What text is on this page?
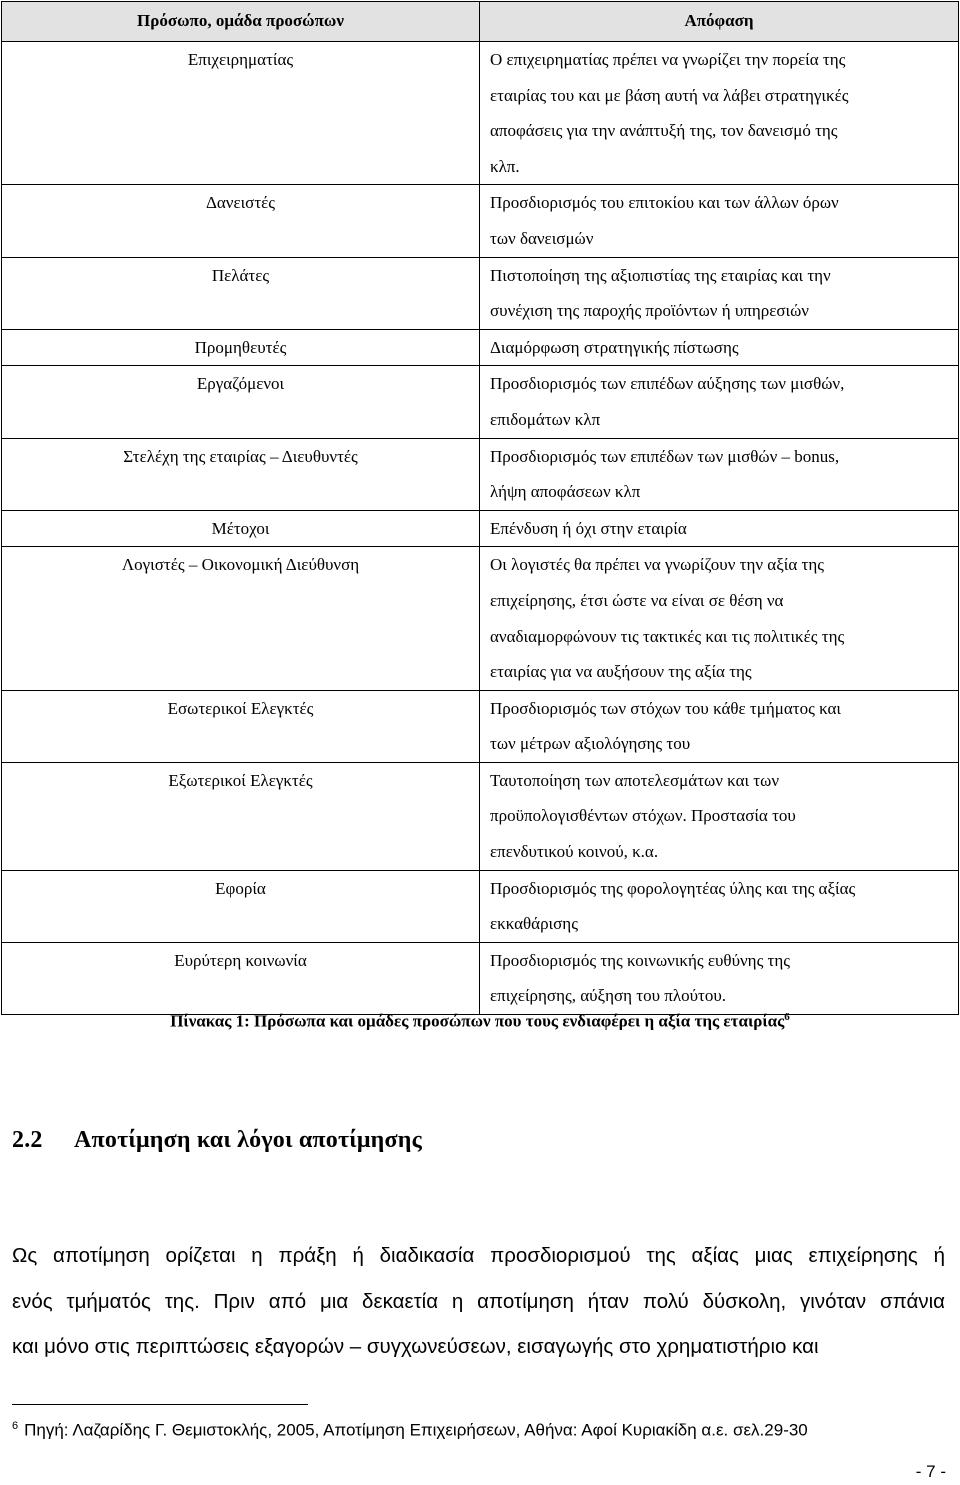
Πρόσωπο, ομάδα προσώπων	Απόφαση
Επιχειρηματίας	Ο επιχειρηματίας πρέπει να γνωρίζει την πορεία της
εταιρίας του και με βάση αυτή να λάβει στρατηγικές
αποφάσεις για την ανάπτυξή της, τον δανεισμό της
κλπ.

Δανειστές	Προσδιορισμός του επιτοκίου και των άλλων όρων
των δανεισμών

Πελάτες	Πιστοποίηση της αξιοπιστίας της εταιρίας και την
συνέχιση της παροχής προϊόντων ή υπηρεσιών

Προμηθευτές	Διαμόρφωση στρατηγικής πίστωσης

Εργαζόμενοι	Προσδιορισμός των επιπέδων αύξησης των μισθών,
επιδομάτων κλπ

Στελέχη της εταιρίας – Διευθυντές	Προσδιορισμός των επιπέδων των μισθών – bonus,
λήψη αποφάσεων κλπ

Μέτοχοι	Επένδυση ή όχι στην εταιρία

Λογιστές – Οικονομική Διεύθυνση	Οι λογιστές θα πρέπει να γνωρίζουν την αξία της
επιχείρησης, έτσι ώστε να είναι σε θέση να
αναδιαμορφώνουν τις τακτικές και τις πολιτικές της
εταιρίας για να αυξήσουν της αξία της

Εσωτερικοί Ελεγκτές	Προσδιορισμός των στόχων του κάθε τμήματος και
των μέτρων αξιολόγησης του

Εξωτερικοί Ελεγκτές	Ταυτοποίηση των αποτελεσμάτων και των
προϋπολογισθέντων στόχων. Προστασία του
επενδυτικού κοινού, κ.α.

Εφορία	Προσδιορισμός της φορολογητέας ύλης και της αξίας
εκκαθάρισης

Ευρύτερη κοινωνία	Προσδιορισμός της κοινωνικής ευθύνης της
επιχείρησης, αύξηση του πλούτου.
Πίνακας 1: Πρόσωπα και ομάδες προσώπων που τους ενδιαφέρει η αξία της εταιρίας$^6$
2.2 Αποτίμηση και λόγοι αποτίμησης
Ως αποτίμηση ορίζεται η πράξη ή διαδικασία προσδιορισμού της αξίας μιας επιχείρησης ή
ενός τμήματός της. Πριν από μια δεκαετία η αποτίμηση ήταν πολύ δύσκολη, γινόταν σπάνια
και μόνο στις περιπτώσεις εξαγορών – συγχωνεύσεων, εισαγωγής στο χρηματιστήριο και
$^6$ Πηγή: Λαζαρίδης Γ. Θεμιστοκλής, 2005, Αποτίμηση Επιχειρήσεων, Αθήνα: Αφοί Κυριακίδη α.ε. σελ.29-30
- 7 -
